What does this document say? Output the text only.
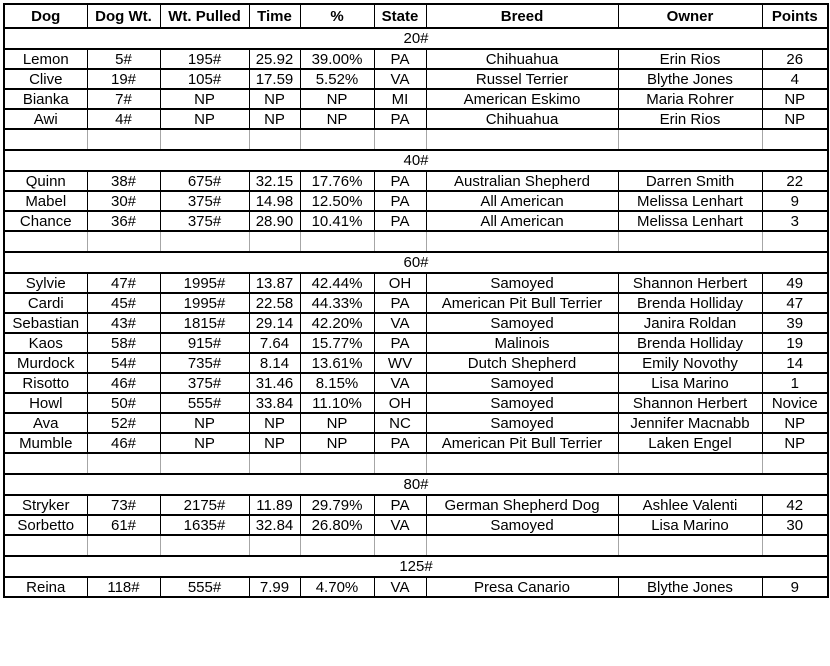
Dog	Dog Wt.	Wt. Pulled	Time	%	State	Breed	Owner	Points
20#								
Lemon	5#	195#	25.92	39.00%	PA	Chihuahua	Erin Rios	26
Clive	19#	105#	17.59	5.52%	VA	Russel Terrier	Blythe Jones	4
Bianka	7#	NP	NP	NP	MI	American Eskimo	Maria Rohrer	NP
Awi	4#	NP	NP	NP	PA	Chihuahua	Erin Rios	NP

40#								
Quinn	38#	675#	32.15	17.76%	PA	Australian Shepherd	Darren Smith	22
Mabel	30#	375#	14.98	12.50%	PA	All American	Melissa Lenhart	9
Chance	36#	375#	28.90	10.41%	PA	All American	Melissa Lenhart	3

60#								
Sylvie	47#	1995#	13.87	42.44%	OH	Samoyed	Shannon Herbert	49
Cardi	45#	1995#	22.58	44.33%	PA	American Pit Bull Terrier	Brenda Holliday	47
Sebastian	43#	1815#	29.14	42.20%	VA	Samoyed	Janira Roldan	39
Kaos	58#	915#	7.64	15.77%	PA	Malinois	Brenda Holliday	19
Murdock	54#	735#	8.14	13.61%	WV	Dutch Shepherd	Emily Novothy	14
Risotto	46#	375#	31.46	8.15%	VA	Samoyed	Lisa Marino	1
Howl	50#	555#	33.84	11.10%	OH	Samoyed	Shannon Herbert	Novice
Ava	52#	NP	NP	NP	NC	Samoyed	Jennifer Macnabb	NP
Mumble	46#	NP	NP	NP	PA	American Pit Bull Terrier	Laken Engel	NP

80#								
Stryker	73#	2175#	11.89	29.79%	PA	German Shepherd Dog	Ashlee Valenti	42
Sorbetto	61#	1635#	32.84	26.80%	VA	Samoyed	Lisa Marino	30

125#								
Reina	118#	555#	7.99	4.70%	VA	Presa Canario	Blythe Jones	9
